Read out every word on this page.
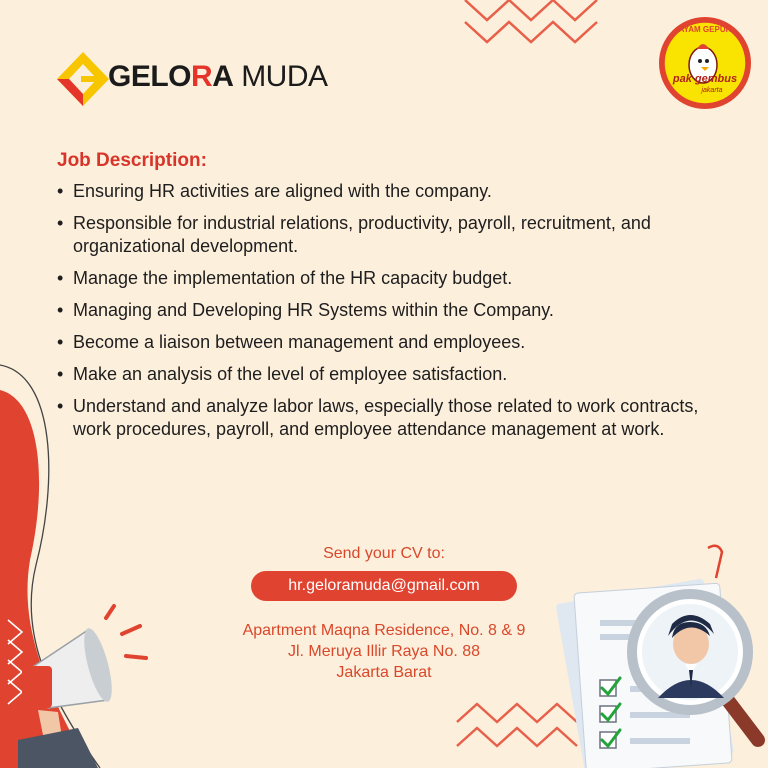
GELORA MUDA
AYAM GEPUK
pak gembus
jakarta
Job Description:
• Ensuring HR activities are aligned with the company.
• Responsible for industrial relations, productivity, payroll, recruitment, and organizational development.
• Manage the implementation of the HR capacity budget.
• Managing and Developing HR Systems within the Company.
• Become a liaison between management and employees.
• Make an analysis of the level of employee satisfaction.
• Understand and analyze labor laws, especially those related to work contracts, work procedures, payroll, and employee attendance management at work.
Send your CV to:
hr.geloramuda@gmail.com
Apartment Maqna Residence, No. 8 & 9
Jl. Meruya Illir Raya No. 88
Jakarta Barat
